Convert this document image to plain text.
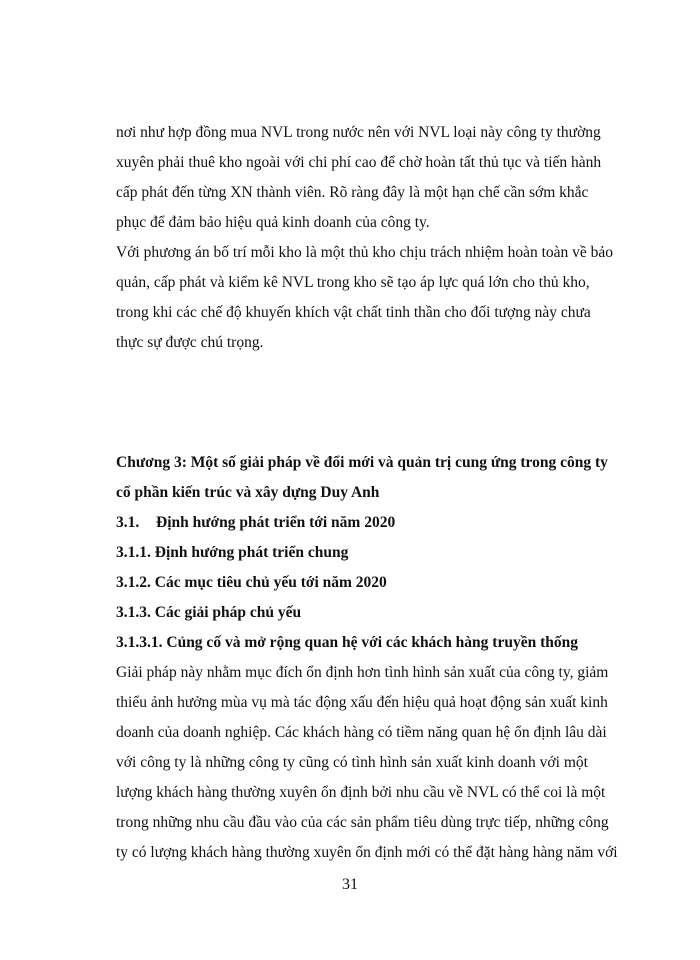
nơi như hợp đồng mua NVL trong nước nên với NVL loại này công ty thường
xuyên phải thuê kho ngoài với chi phí cao để chờ hoàn tất thủ tục và tiến hành
cấp phát đến từng XN thành viên. Rõ ràng đây là một hạn chế cần sớm khắc
phục để đảm bảo hiệu quả kinh doanh của công ty.
Với phương án bố trí mỗi kho là một thủ kho chịu trách nhiệm hoàn toàn về bảo
quản, cấp phát và kiểm kê NVL trong kho sẽ tạo áp lực quá lớn cho thủ kho,
trong khi các chế độ khuyến khích vật chất tinh thần cho đối tượng này chưa
thực sự được chú trọng.
Chương 3: Một số giải pháp về đổi mới và quản trị cung ứng trong công ty
cổ phần kiến trúc và xây dựng Duy Anh
3.1. Định hướng phát triển tới năm 2020
3.1.1. Định hướng phát triển chung
3.1.2. Các mục tiêu chủ yếu tới năm 2020
3.1.3. Các giải pháp chủ yếu
3.1.3.1. Củng cố và mở rộng quan hệ với các khách hàng truyền thống
Giải pháp này nhằm mục đích ổn định hơn tình hình sản xuất của công ty, giảm
thiểu ảnh hưởng mùa vụ mà tác động xấu đến hiệu quả hoạt động sản xuất kinh
doanh của doanh nghiệp. Các khách hàng có tiềm năng quan hệ ổn định lâu dài
với công ty là những công ty cũng có tình hình sản xuất kinh doanh với một
lượng khách hàng thường xuyên ổn định bởi nhu cầu về NVL có thể coi là một
trong những nhu cầu đầu vào của các sản phẩm tiêu dùng trực tiếp, những công
ty có lượng khách hàng thường xuyên ổn định mới có thể đặt hàng hàng năm với
31
